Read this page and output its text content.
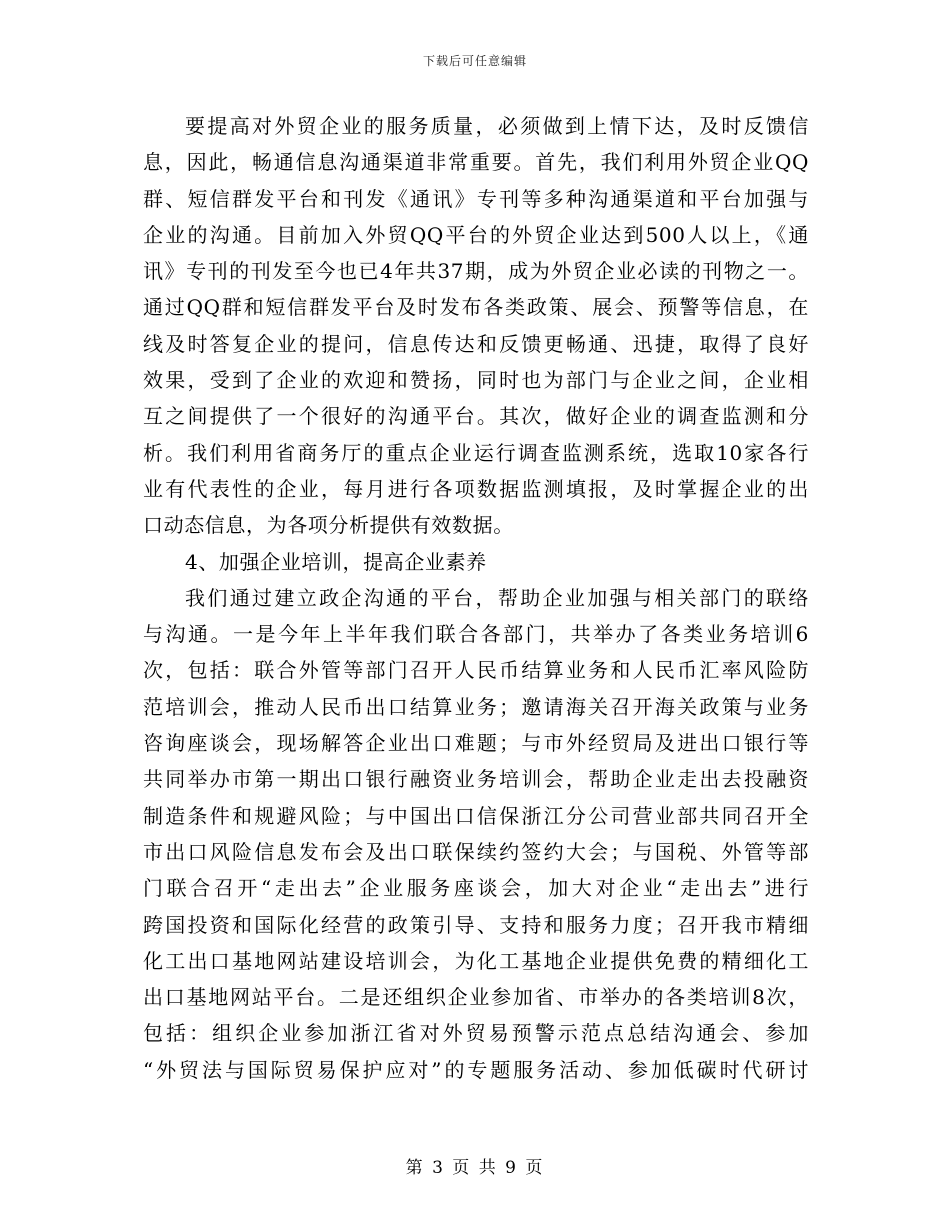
下载后可任意编辑
要提高对外贸企业的服务质量，必须做到上情下达，及时反馈信
息，因此，畅通信息沟通渠道非常重要。首先，我们利用外贸企业QQ
群、短信群发平台和刊发《通讯》专刊等多种沟通渠道和平台加强与
企业的沟通。目前加入外贸QQ平台的外贸企业达到500人以上，《通
讯》专刊的刊发至今也已4年共37期，成为外贸企业必读的刊物之一。
通过QQ群和短信群发平台及时发布各类政策、展会、预警等信息，在
线及时答复企业的提问，信息传达和反馈更畅通、迅捷，取得了良好
效果，受到了企业的欢迎和赞扬，同时也为部门与企业之间，企业相
互之间提供了一个很好的沟通平台。其次，做好企业的调查监测和分
析。我们利用省商务厅的重点企业运行调查监测系统，选取10家各行
业有代表性的企业，每月进行各项数据监测填报，及时掌握企业的出
口动态信息，为各项分析提供有效数据。
4、加强企业培训，提高企业素养
我们通过建立政企沟通的平台，帮助企业加强与相关部门的联络
与沟通。一是今年上半年我们联合各部门，共举办了各类业务培训6
次，包括：联合外管等部门召开人民币结算业务和人民币汇率风险防
范培训会，推动人民币出口结算业务；邀请海关召开海关政策与业务
咨询座谈会，现场解答企业出口难题；与市外经贸局及进出口银行等
共同举办市第一期出口银行融资业务培训会，帮助企业走出去投融资
制造条件和规避风险；与中国出口信保浙江分公司营业部共同召开全
市出口风险信息发布会及出口联保续约签约大会；与国税、外管等部
门联合召开“走出去”企业服务座谈会，加大对企业“走出去”进行
跨国投资和国际化经营的政策引导、支持和服务力度；召开我市精细
化工出口基地网站建设培训会，为化工基地企业提供免费的精细化工
出口基地网站平台。二是还组织企业参加省、市举办的各类培训8次，
包括：组织企业参加浙江省对外贸易预警示范点总结沟通会、参加
“外贸法与国际贸易保护应对”的专题服务活动、参加低碳时代研讨
第 3 页 共 9 页
